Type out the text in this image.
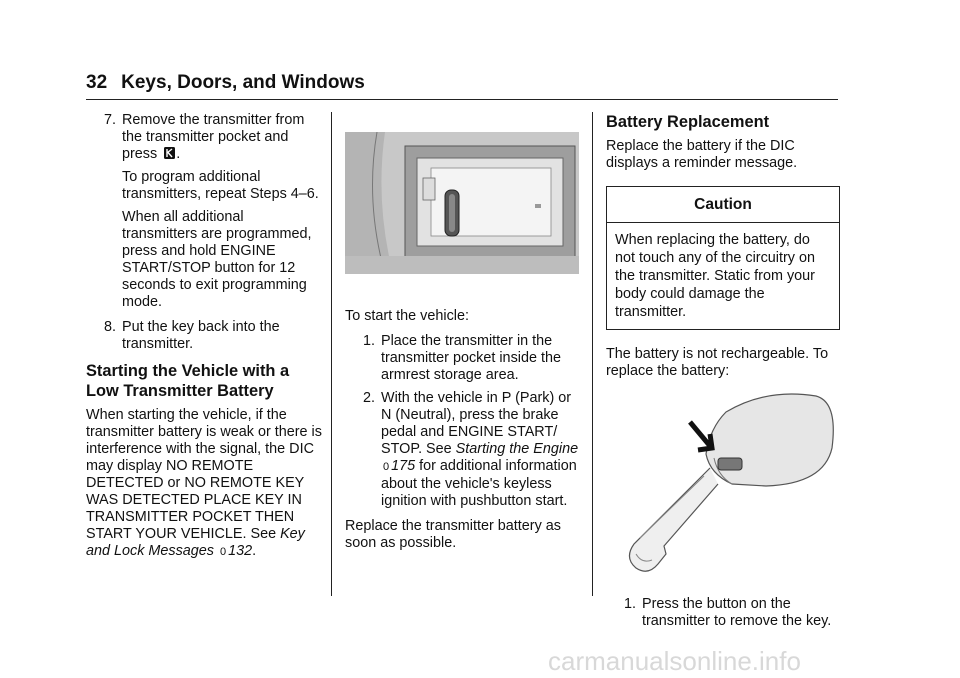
32 Keys, Doors, and Windows
7. Remove the transmitter from the transmitter pocket and press .
To program additional transmitters, repeat Steps 4–6.
When all additional transmitters are programmed, press and hold ENGINE START/STOP button for 12 seconds to exit programming mode.
8. Put the key back into the transmitter.
Starting the Vehicle with a Low Transmitter Battery

When starting the vehicle, if the transmitter battery is weak or there is interference with the signal, the DIC may display NO REMOTE DETECTED or NO REMOTE KEY WAS DETECTED PLACE KEY IN TRANSMITTER POCKET THEN START YOUR VEHICLE. See Key and Lock Messages 0 132.

To start the vehicle:

1. Place the transmitter in the transmitter pocket inside the armrest storage area.
2. With the vehicle in P (Park) or N (Neutral), press the brake pedal and ENGINE START/ STOP. See Starting the Engine 0 175 for additional information about the vehicle's keyless ignition with pushbutton start.

Replace the transmitter battery as soon as possible.

Battery Replacement

Replace the battery if the DIC displays a reminder message.

Caution
When replacing the battery, do not touch any of the circuitry on the transmitter. Static from your body could damage the transmitter.

The battery is not rechargeable. To replace the battery:

1. Press the button on the transmitter to remove the key.
carmanualsonline.info
